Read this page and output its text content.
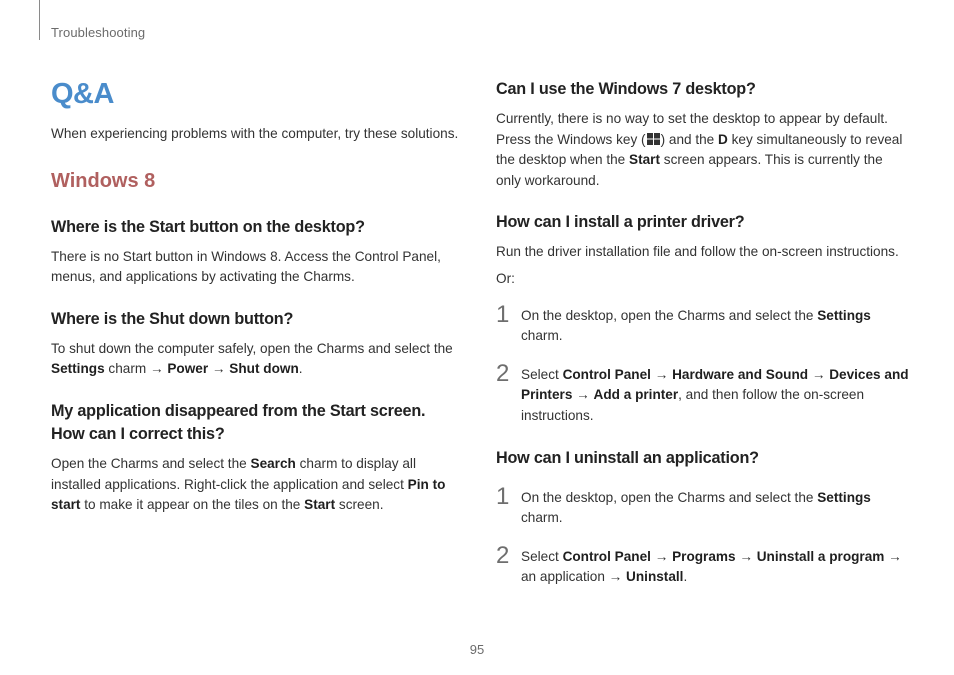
Troubleshooting
Q&A

When experiencing problems with the computer, try these solutions.

Windows 8
Where is the Start button on the desktop?

There is no Start button in Windows 8. Access the Control Panel, menus, and applications by activating the Charms.

Where is the Shut down button?

To shut down the computer safely, open the Charms and select the Settings charm → Power → Shut down.

My application disappeared from the Start screen.
How can I correct this?

Open the Charms and select the Search charm to display all installed applications. Right-click the application and select Pin to start to make it appear on the tiles on the Start screen.

Can I use the Windows 7 desktop?

Currently, there is no way to set the desktop to appear by default. Press the Windows key ( ) and the D key simultaneously to reveal the desktop when the Start screen appears. This is currently the only workaround.

How can I install a printer driver?

Run the driver installation file and follow the on-screen instructions.

Or:

1 On the desktop, open the Charms and select the Settings charm.

2 Select Control Panel → Hardware and Sound → Devices and Printers → Add a printer, and then follow the on-screen instructions.

How can I uninstall an application?
1 On the desktop, open the Charms and select the Settings charm.

2 Select Control Panel → Programs → Uninstall a program → an application → Uninstall.

95
